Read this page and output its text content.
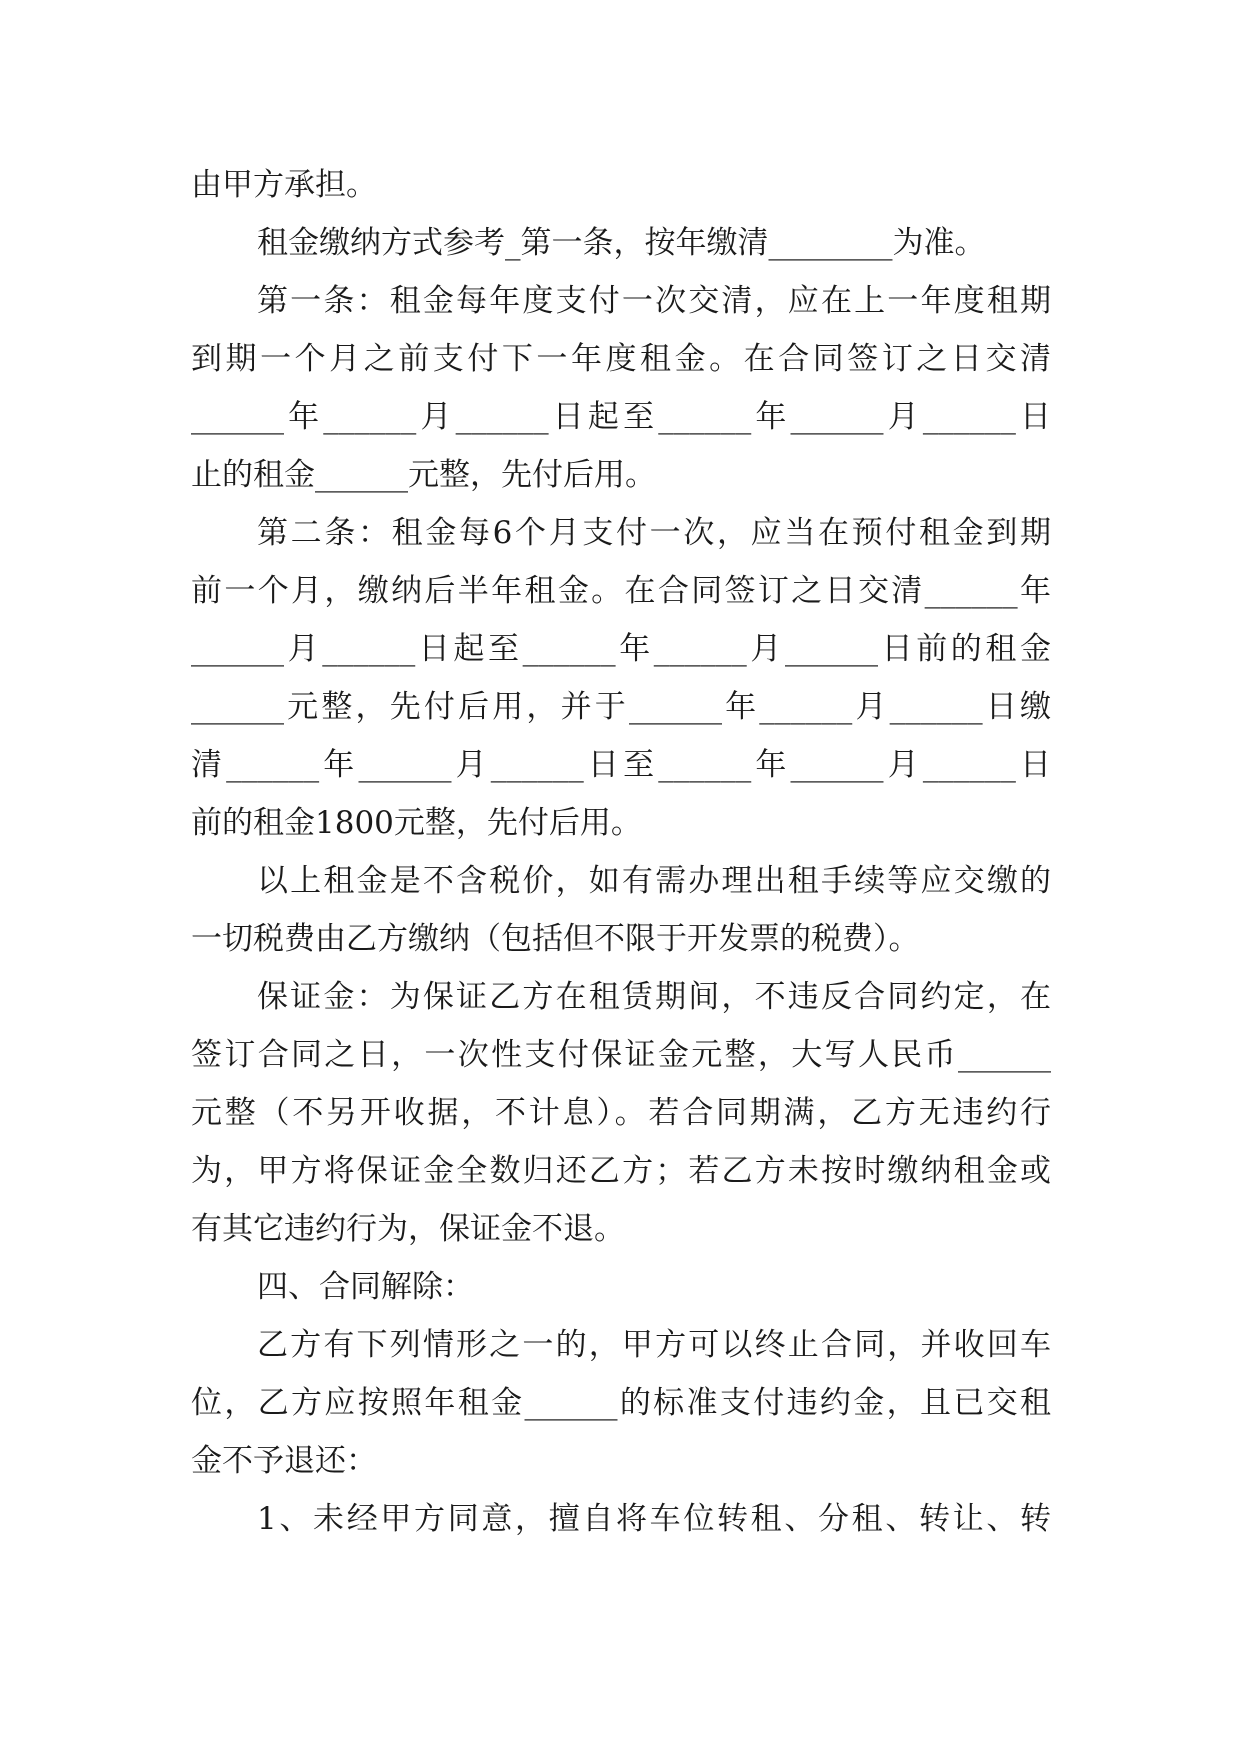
由甲方承担。
租金缴纳方式参考_第一条，按年缴清________为准。
第一条：租金每年度支付一次交清，应在上一年度租期
到期一个月之前支付下一年度租金。在合同签订之日交清
______年______月______日起至______年______月______日
止的租金______元整，先付后用。
第二条：租金每6个月支付一次，应当在预付租金到期
前一个月，缴纳后半年租金。在合同签订之日交清______年
______月______日起至______年______月______日前的租金
______元整，先付后用，并于______年______月______日缴
清______年______月______日至______年______月______日
前的租金1800元整，先付后用。
以上租金是不含税价，如有需办理出租手续等应交缴的
一切税费由乙方缴纳（包括但不限于开发票的税费）。
保证金：为保证乙方在租赁期间，不违反合同约定，在
签订合同之日，一次性支付保证金元整，大写人民币______
元整（不另开收据，不计息）。若合同期满，乙方无违约行
为，甲方将保证金全数归还乙方；若乙方未按时缴纳租金或
有其它违约行为，保证金不退。
四、合同解除：
乙方有下列情形之一的，甲方可以终止合同，并收回车
位，乙方应按照年租金______的标准支付违约金，且已交租
金不予退还：
1、未经甲方同意，擅自将车位转租、分租、转让、转
